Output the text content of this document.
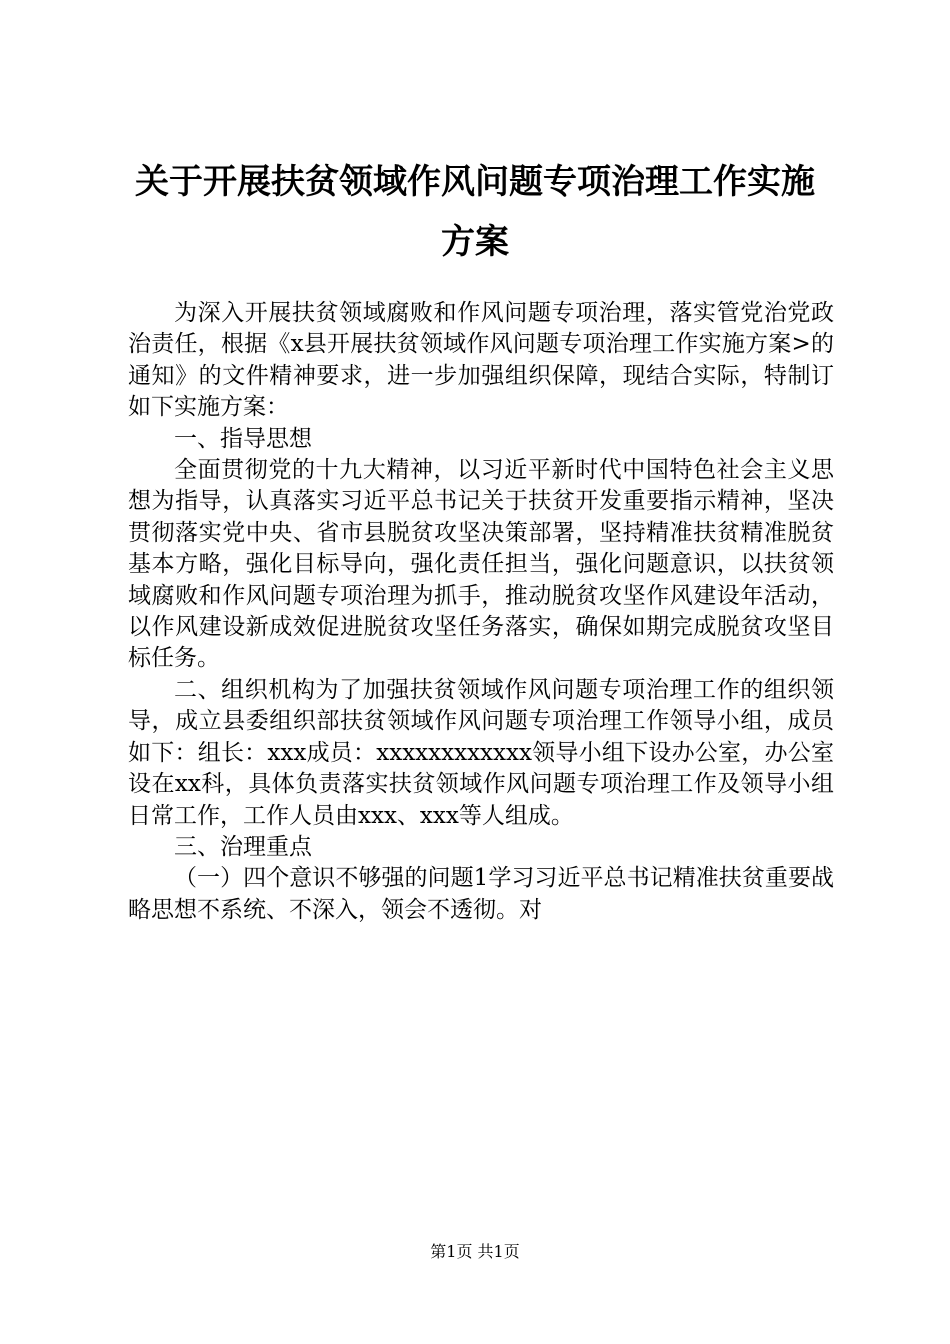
关于开展扶贫领域作风问题专项治理工作实施
方案

为深入开展扶贫领域腐败和作风问题专项治理，落实管党治党政治责任，根据《x县开展扶贫领域作风问题专项治理工作实施方案>的通知》的文件精神要求，进一步加强组织保障，现结合实际，特制订如下实施方案：

一、指导思想

全面贯彻党的十九大精神，以习近平新时代中国特色社会主义思想为指导，认真落实习近平总书记关于扶贫开发重要指示精神，坚决贯彻落实党中央、省市县脱贫攻坚决策部署，坚持精准扶贫精准脱贫基本方略，强化目标导向，强化责任担当，强化问题意识，以扶贫领域腐败和作风问题专项治理为抓手，推动脱贫攻坚作风建设年活动，以作风建设新成效促进脱贫攻坚任务落实，确保如期完成脱贫攻坚目标任务。

二、组织机构为了加强扶贫领域作风问题专项治理工作的组织领导，成立县委组织部扶贫领域作风问题专项治理工作领导小组，成员如下：组长：xxx成员：xxxxxxxxxxxx领导小组下设办公室，办公室设在xx科，具体负责落实扶贫领域作风问题专项治理工作及领导小组日常工作，工作人员由xxx、xxx等人组成。

三、治理重点

（一）四个意识不够强的问题1学习习近平总书记精准扶贫重要战略思想不系统、不深入，领会不透彻。对

第1页 共1页
